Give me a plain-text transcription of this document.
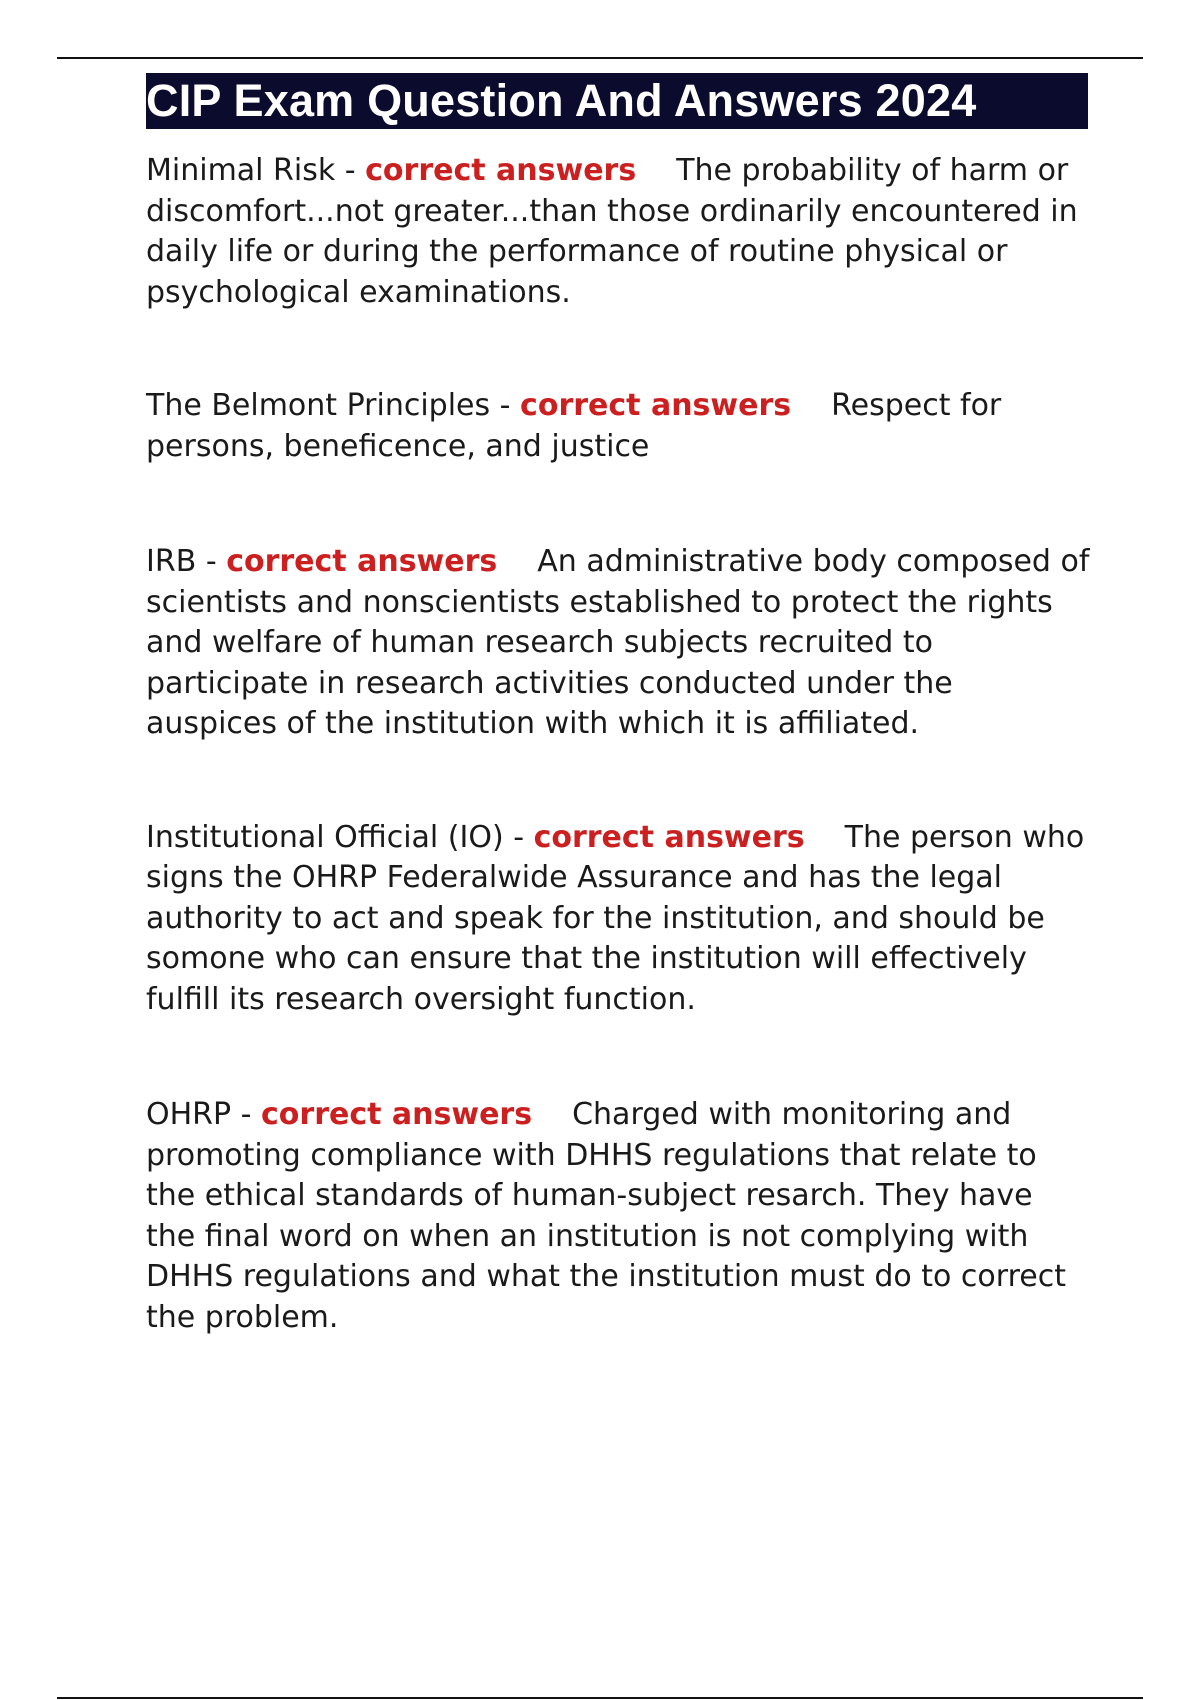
CIP Exam Question And Answers 2024

Minimal Risk - correct answers The probability of harm or discomfort...not greater...than those ordinarily encountered in daily life or during the performance of routine physical or psychological examinations.

The Belmont Principles - correct answers Respect for persons, beneficence, and justice

IRB - correct answers An administrative body composed of scientists and nonscientists established to protect the rights and welfare of human research subjects recruited to participate in research activities conducted under the auspices of the institution with which it is affiliated.

Institutional Official (IO) - correct answers The person who signs the OHRP Federalwide Assurance and has the legal authority to act and speak for the institution, and should be somone who can ensure that the institution will effectively fulfill its research oversight function.

OHRP - correct answers Charged with monitoring and promoting compliance with DHHS regulations that relate to the ethical standards of human-subject resarch. They have the final word on when an institution is not complying with DHHS regulations and what the institution must do to correct the problem.
